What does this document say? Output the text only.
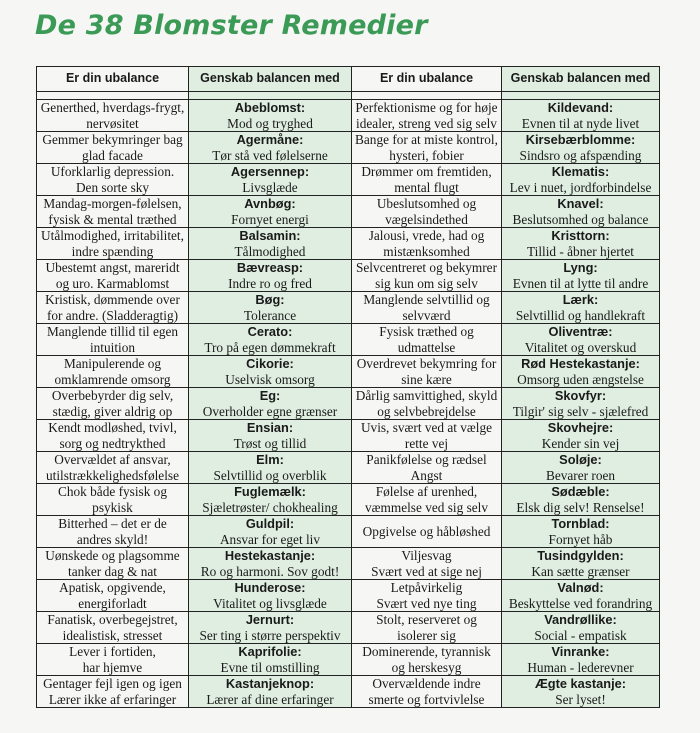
De 38 Blomster Remedier
Er din ubalance	Genskab balancen med	Er din ubalance	Genskab balancen med

Generthed, hverdags-frygt,
nervøsitet	Abeblomst:
Mod og tryghed	Perfektionisme og for høje
idealer, streng ved sig selv	Kildevand:
Evnen til at nyde livet

Gemmer bekymringer bag
glad facade	Agermåne:
Tør stå ved følelserne	Bange for at miste kontrol,
hysteri, fobier	Kirsebærblomme:
Sindsro og afspænding

Uforklarlig depression.
Den sorte sky	Agersennep:
Livsglæde	Drømmer om fremtiden,
mental flugt	Klematis:
Lev i nuet, jordforbindelse

Mandag-morgen-følelsen,
fysisk & mental træthed	Avnbøg:
Fornyet energi	Ubeslutsomhed og
vægelsindethed	Knavel:
Beslutsomhed og balance

Utålmodighed, irritabilitet,
indre spænding	Balsamin:
Tålmodighed	Jalousi, vrede, had og
mistænksomhed	Kristtorn:
Tillid - åbner hjertet

Ubestemt angst, mareridt
og uro. Karmablomst	Bævreasp:
Indre ro og fred	Selvcentreret og bekymrer
sig kun om sig selv	Lyng:
Evnen til at lytte til andre

Kristisk, dømmende over
for andre. (Sladderagtig)	Bøg:
Tolerance	Manglende selvtillid og
selvværd	Lærk:
Selvtillid og handlekraft

Manglende tillid til egen
intuition	Cerato:
Tro på egen dømmekraft	Fysisk træthed og
udmattelse	Oliventræ:
Vitalitet og overskud

Manipulerende og
omklamrende omsorg	Cikorie:
Uselvisk omsorg	Overdrevet bekymring for
sine kære	Rød Hestekastanje:
Omsorg uden ængstelse

Overbebyrder dig selv,
stædig, giver aldrig op	Eg:
Overholder egne grænser	Dårlig samvittighed, skyld
og selvbebrejdelse	Skovfyr:
Tilgir' sig selv - sjælefred

Kendt modløshed, tvivl,
sorg og nedtrykthed	Ensian:
Trøst og tillid	Uvis, svært ved at vælge
rette vej	Skovhejre:
Kender sin vej

Overvældet af ansvar,
utilstrækkelighedsfølelse	Elm:
Selvtillid og overblik	Panikfølelse og rædsel
Angst	Soløje:
Bevarer roen

Chok både fysisk og
psykisk	Fuglemælk:
Sjæletrøster/ chokhealing	Følelse af urenhed,
væmmelse ved sig selv	Sødæble:
Elsk dig selv! Renselse!

Bitterhed – det er de
andres skyld!	Guldpil:
Ansvar for eget liv	Opgivelse og håbløshed	Tornblad:
Fornyet håb

Uønskede og plagsomme
tanker dag & nat	Hestekastanje:
Ro og harmoni. Sov godt!	Viljesvag
Svært ved at sige nej	Tusindgylden:
Kan sætte grænser

Apatisk, opgivende,
energiforladt	Hunderose:
Vitalitet og livsglæde	Letpåvirkelig
Svært ved nye ting	Valnød:
Beskyttelse ved forandring

Fanatisk, overbegejstret,
idealistisk, stresset	Jernurt:
Ser ting i større perspektiv	Stolt, reserveret og
isolerer sig	Vandrøllike:
Social - empatisk

Lever i fortiden,
har hjemve	Kaprifolie:
Evne til omstilling	Dominerende, tyrannisk
og herskesyg	Vinranke:
Human - lederevner

Gentager fejl igen og igen
Lærer ikke af erfaringer	Kastanjeknop:
Lærer af dine erfaringer	Overvældende indre
smerte og fortvivlelse	Ægte kastanje:
Ser lyset!
